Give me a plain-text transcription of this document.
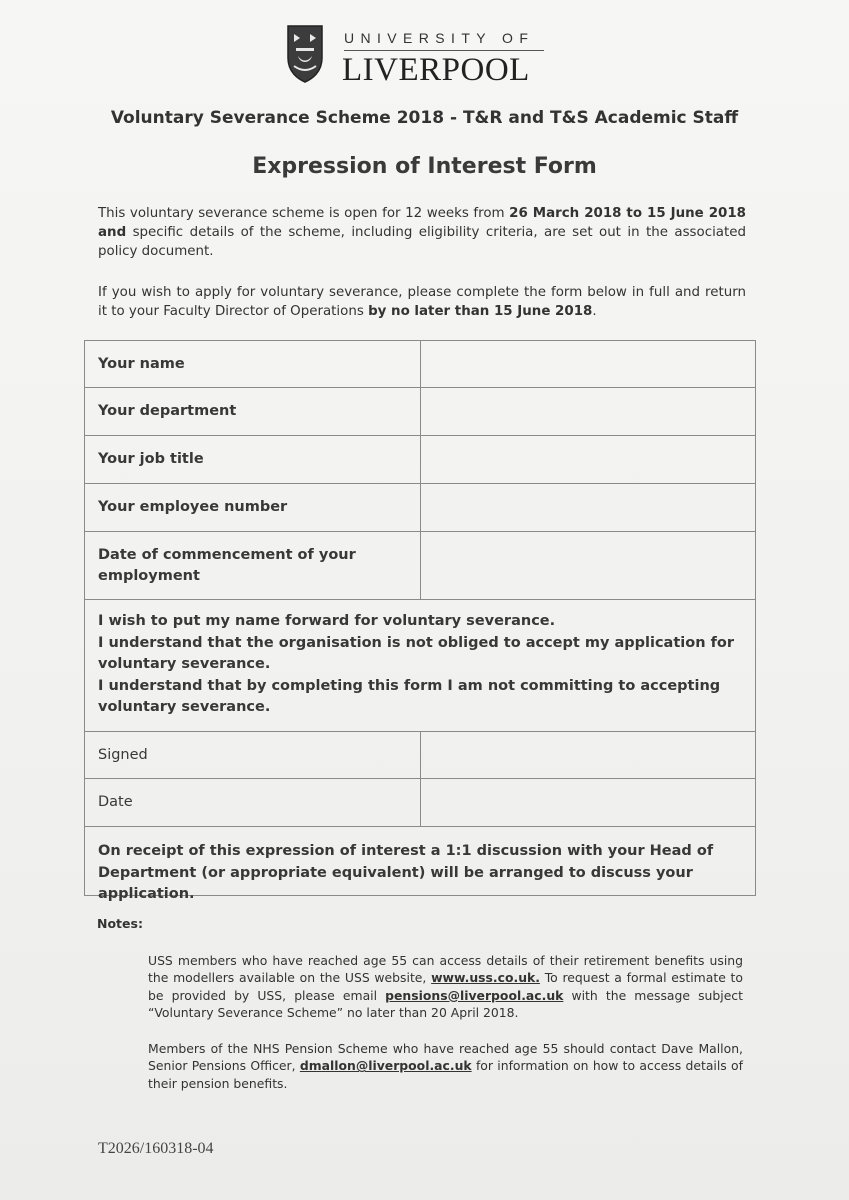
UNIVERSITY OF
LIVERPOOL
Voluntary Severance Scheme 2018 - T&R and T&S Academic Staff
Expression of Interest Form
This voluntary severance scheme is open for 12 weeks from 26 March 2018 to 15 June 2018 and specific details of the scheme, including eligibility criteria, are set out in the associated policy document.
If you wish to apply for voluntary severance, please complete the form below in full and return it to your Faculty Director of Operations by no later than 15 June 2018.
Your name
Your department
Your job title
Your employee number
Date of commencement of your employment
I wish to put my name forward for voluntary severance.
I understand that the organisation is not obliged to accept my application for voluntary severance.
I understand that by completing this form I am not committing to accepting voluntary severance.
Signed
Date
On receipt of this expression of interest a 1:1 discussion with your Head of Department (or appropriate equivalent) will be arranged to discuss your application.
Notes:
USS members who have reached age 55 can access details of their retirement benefits using the modellers available on the USS website, www.uss.co.uk. To request a formal estimate to be provided by USS, please email pensions@liverpool.ac.uk with the message subject “Voluntary Severance Scheme” no later than 20 April 2018.
Members of the NHS Pension Scheme who have reached age 55 should contact Dave Mallon, Senior Pensions Officer, dmallon@liverpool.ac.uk for information on how to access details of their pension benefits.
T2026/160318-04
